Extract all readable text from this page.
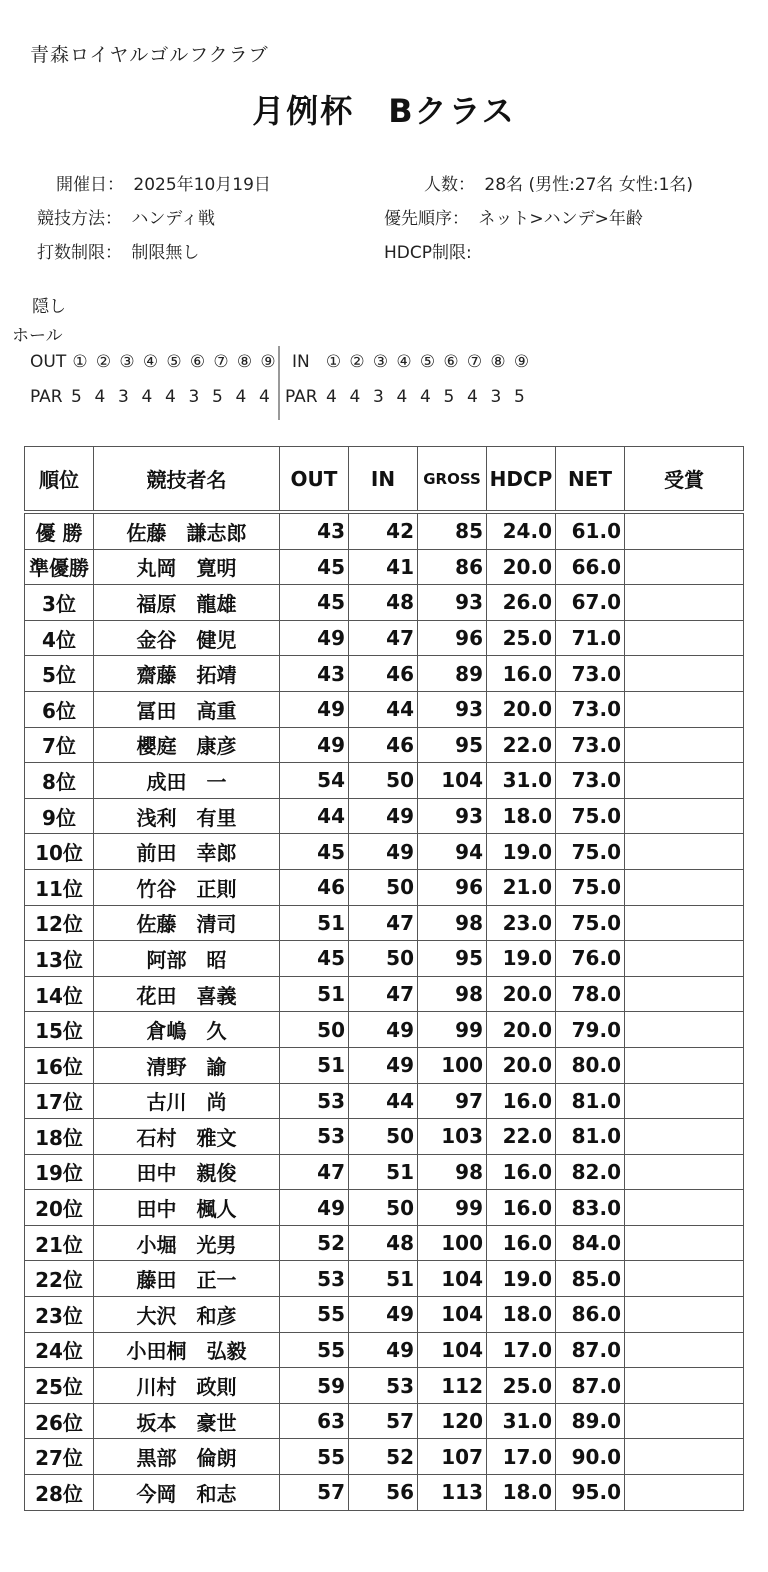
青森ロイヤルゴルフクラブ
月例杯　Bクラス
開催日： 2025年10月19日	人数： 28名 (男性:27名 女性:1名)
競技方法： ハンディ戦	優先順序： ネット>ハンデ>年齢
打数制限： 制限無し	HDCP制限:
隠し
ホール
OUT ① ② ③ ④ ⑤ ⑥ ⑦ ⑧ ⑨ IN ① ② ③ ④ ⑤ ⑥ ⑦ ⑧ ⑨
PAR 5 4 3 4 4 3 5 4 4 PAR 4 4 3 4 4 5 4 3 5
順位	競技者名	OUT	IN	GROSS	HDCP	NET	受賞
優 勝	佐藤　謙志郎	43	42	85	24.0	61.0	
準優勝	丸岡　寛明	45	41	86	20.0	66.0	
3位	福原　龍雄	45	48	93	26.0	67.0	
4位	金谷　健児	49	47	96	25.0	71.0	
5位	齋藤　拓靖	43	46	89	16.0	73.0	
6位	冨田　高重	49	44	93	20.0	73.0	
7位	櫻庭　康彦	49	46	95	22.0	73.0	
8位	成田　一	54	50	104	31.0	73.0	
9位	浅利　有里	44	49	93	18.0	75.0	
10位	前田　幸郎	45	49	94	19.0	75.0	
11位	竹谷　正則	46	50	96	21.0	75.0	
12位	佐藤　清司	51	47	98	23.0	75.0	
13位	阿部　昭	45	50	95	19.0	76.0	
14位	花田　喜義	51	47	98	20.0	78.0	
15位	倉嶋　久	50	49	99	20.0	79.0	
16位	清野　諭	51	49	100	20.0	80.0	
17位	古川　尚	53	44	97	16.0	81.0	
18位	石村　雅文	53	50	103	22.0	81.0	
19位	田中　親俊	47	51	98	16.0	82.0	
20位	田中　楓人	49	50	99	16.0	83.0	
21位	小堀　光男	52	48	100	16.0	84.0	
22位	藤田　正一	53	51	104	19.0	85.0	
23位	大沢　和彦	55	49	104	18.0	86.0	
24位	小田桐　弘毅	55	49	104	17.0	87.0	
25位	川村　政則	59	53	112	25.0	87.0	
26位	坂本　豪世	63	57	120	31.0	89.0	
27位	黒部　倫朗	55	52	107	17.0	90.0	
28位	今岡　和志	57	56	113	18.0	95.0	
